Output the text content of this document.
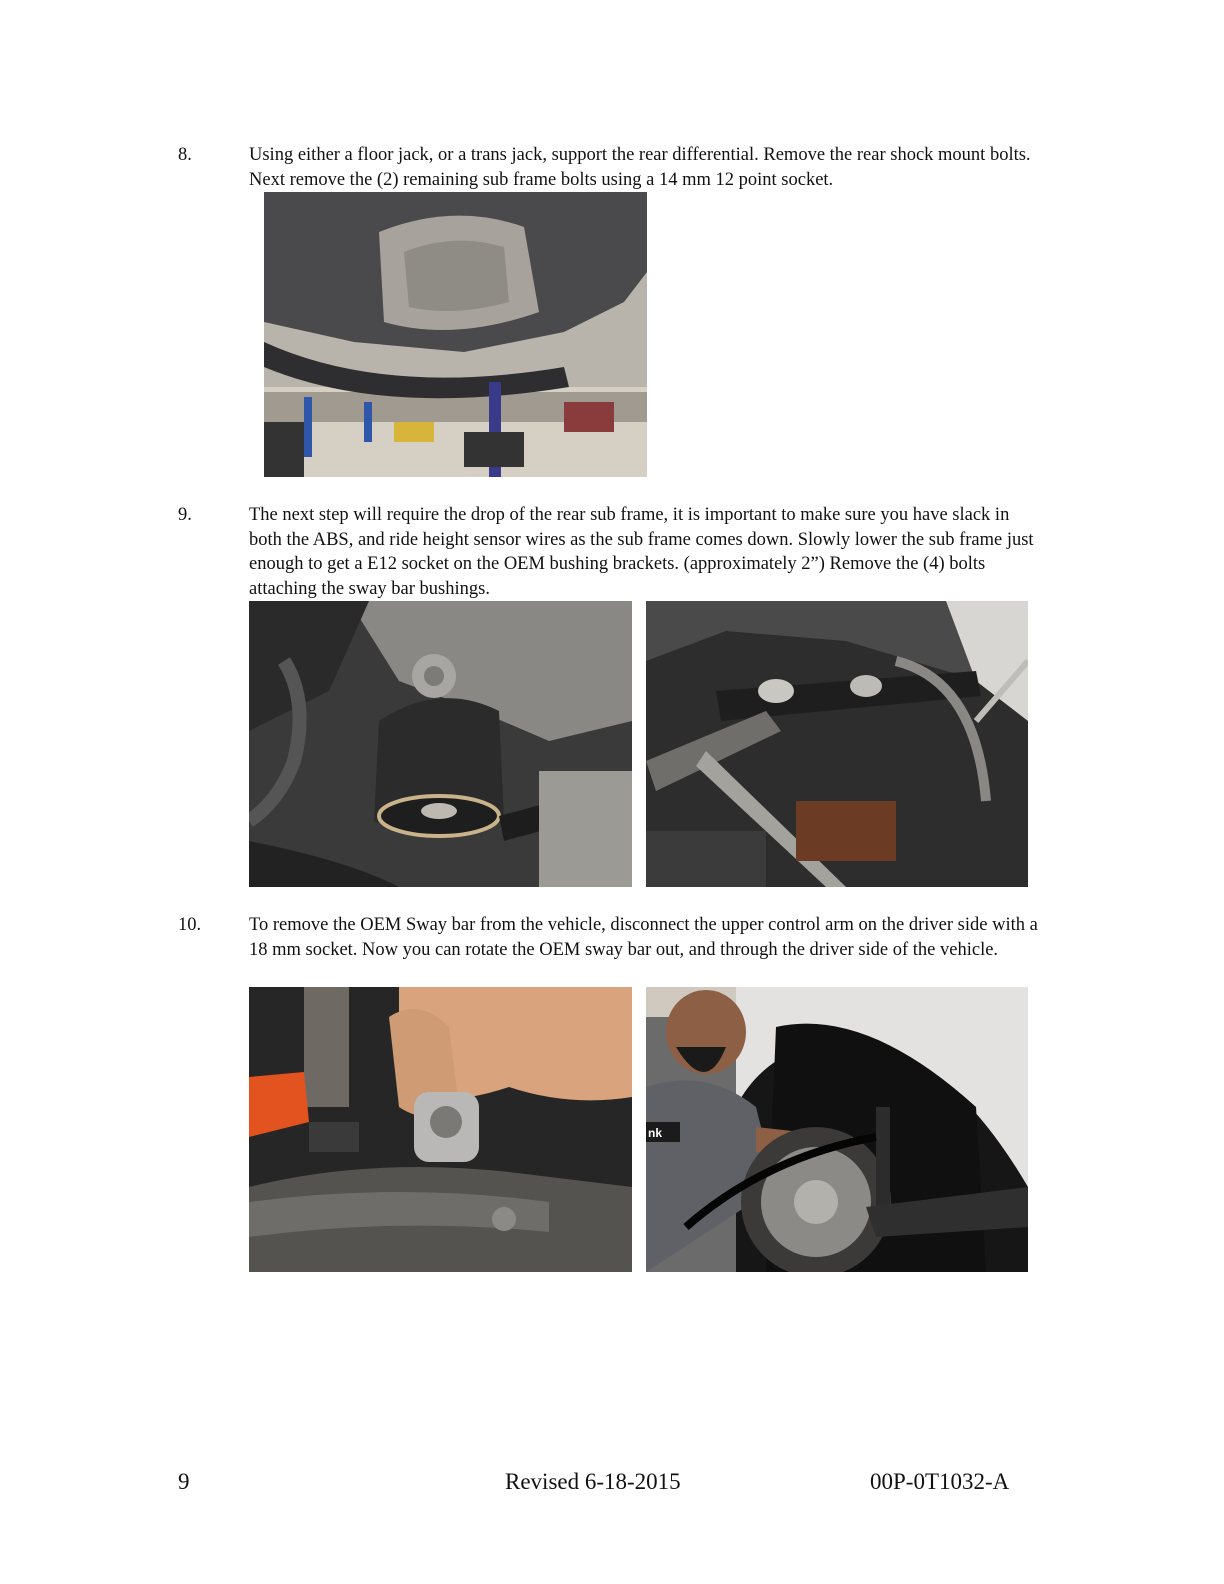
8.	Using either a floor jack, or a trans jack, support the rear differential. Remove the rear shock mount bolts. Next remove the (2) remaining sub frame bolts using a 14 mm 12 point socket.
9.	The next step will require the drop of the rear sub frame, it is important to make sure you have slack in both the ABS, and ride height sensor wires as the sub frame comes down. Slowly lower the sub frame just enough to get a E12 socket on the OEM bushing brackets. (approximately 2”) Remove the (4) bolts attaching the sway bar bushings.
10.	To remove the OEM Sway bar from the vehicle, disconnect the upper control arm on the driver side with a 18 mm socket. Now you can rotate the OEM sway bar out, and through the driver side of the vehicle.
nk
9	Revised 6-18-2015	00P-0T1032-A
